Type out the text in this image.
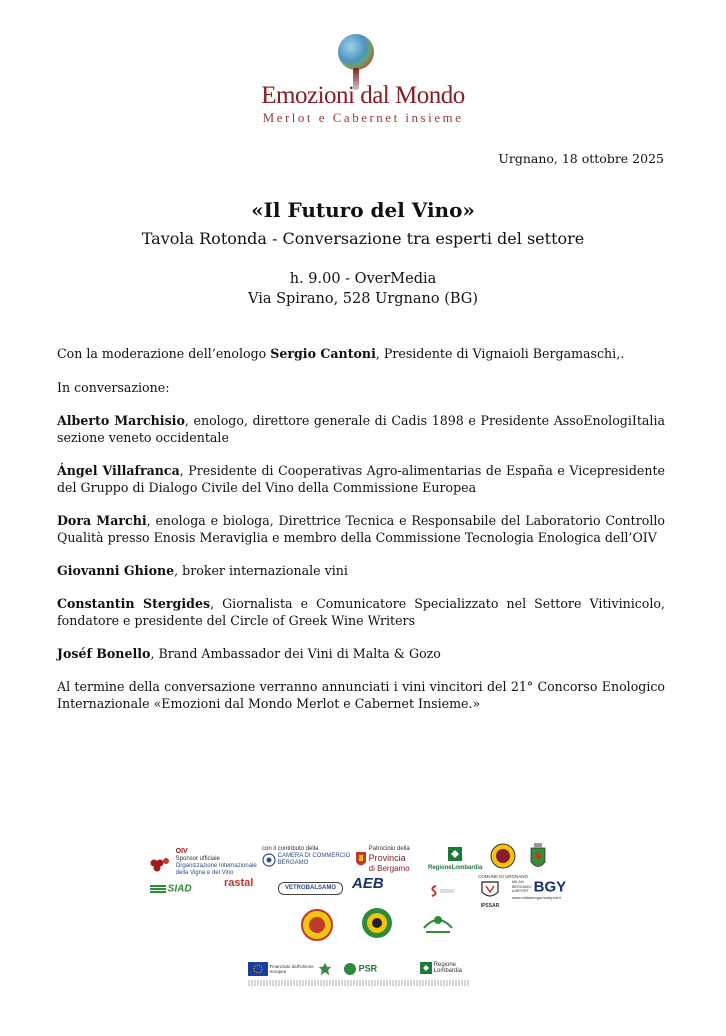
Emozioni dal Mondo
Merlot e Cabernet insieme
Urgnano, 18 ottobre 2025
«Il Futuro del Vino»
Tavola Rotonda - Conversazione tra esperti del settore
h. 9.00 - OverMedia
Via Spirano, 528 Urgnano (BG)

Con la moderazione dell’enologo Sergio Cantoni, Presidente di Vignaioli Bergamaschi,.

In conversazione:

Alberto Marchisio, enologo, direttore generale di Cadis 1898 e Presidente AssoEnologiItalia sezione veneto occidentale

Ángel Villafranca, Presidente di Cooperativas Agro-alimentarias de España e Vicepresidente del Gruppo di Dialogo Civile del Vino della Commissione Europea

Dora Marchi, enologa e biologa, Direttrice Tecnica e Responsabile del Laboratorio Controllo Qualità presso Enosis Meraviglia e membro della Commissione Tecnologia Enologica dell’OIV

Giovanni Ghione, broker internazionale vini

Constantin Stergides, Giornalista e Comunicatore Specializzato nel Settore Vitivinicolo, fondatore e presidente del Circle of Greek Wine Writers

Joséf Bonello, Brand Ambassador dei Vini di Malta & Gozo

Al termine della conversazione verranno annunciati i vini vincitori del 21° Concorso Enologico Internazionale «Emozioni dal Mondo Merlot e Cabernet Insieme.»

OIV
Sponsor ufficiale
Organizzazione Internazionale
della Vigna e del Vino
con il contributo della
CAMERA DI COMMERCIO
BERGAMO
Patrocinio della
Provincia
di Bergamo	RegioneLombardia

COMUNE DI URGNANO
SIAD	rastal	VETROBALSAMO	AEB

IPSSAR
MILAN BERGAMO AIRPORT BGY
www.milanbergamoairport.it
Finanziato dall'Unione europea	PSR	Regione Lombardia
